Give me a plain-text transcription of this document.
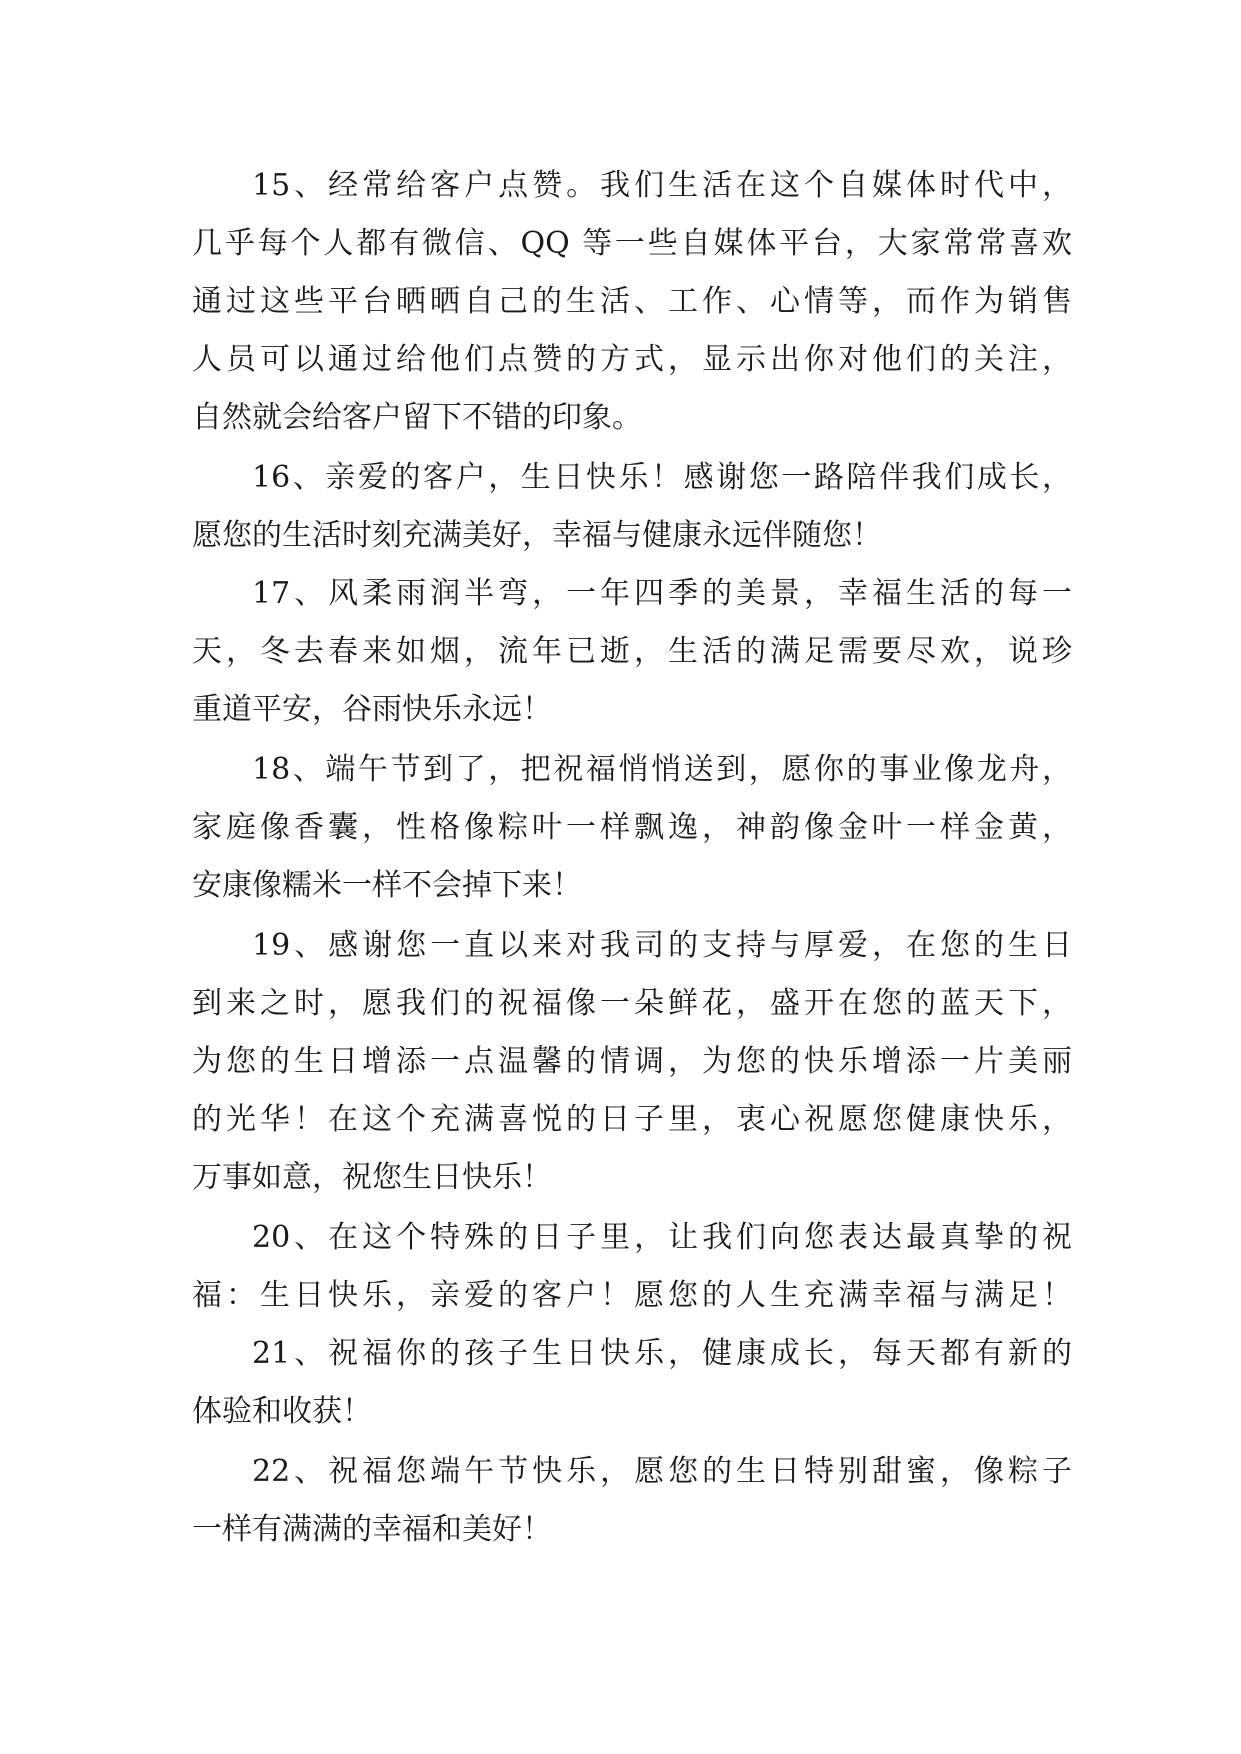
15、经常给客户点赞。我们生活在这个自媒体时代中，

几乎每个人都有微信、QQ 等一些自媒体平台，大家常常喜欢

通过这些平台晒晒自己的生活、工作、心情等，而作为销售

人员可以通过给他们点赞的方式，显示出你对他们的关注，

自然就会给客户留下不错的印象。

16、亲爱的客户，生日快乐！感谢您一路陪伴我们成长，

愿您的生活时刻充满美好，幸福与健康永远伴随您！

17、风柔雨润半弯，一年四季的美景，幸福生活的每一

天，冬去春来如烟，流年已逝，生活的满足需要尽欢，说珍

重道平安，谷雨快乐永远！

18、端午节到了，把祝福悄悄送到，愿你的事业像龙舟，

家庭像香囊，性格像粽叶一样飘逸，神韵像金叶一样金黄，

安康像糯米一样不会掉下来！

19、感谢您一直以来对我司的支持与厚爱，在您的生日

到来之时，愿我们的祝福像一朵鲜花，盛开在您的蓝天下，

为您的生日增添一点温馨的情调，为您的快乐增添一片美丽

的光华！在这个充满喜悦的日子里，衷心祝愿您健康快乐，

万事如意，祝您生日快乐！

20、在这个特殊的日子里，让我们向您表达最真挚的祝

福：生日快乐，亲爱的客户！愿您的人生充满幸福与满足！

21、祝福你的孩子生日快乐，健康成长，每天都有新的

体验和收获！

22、祝福您端午节快乐，愿您的生日特别甜蜜，像粽子

一样有满满的幸福和美好！
